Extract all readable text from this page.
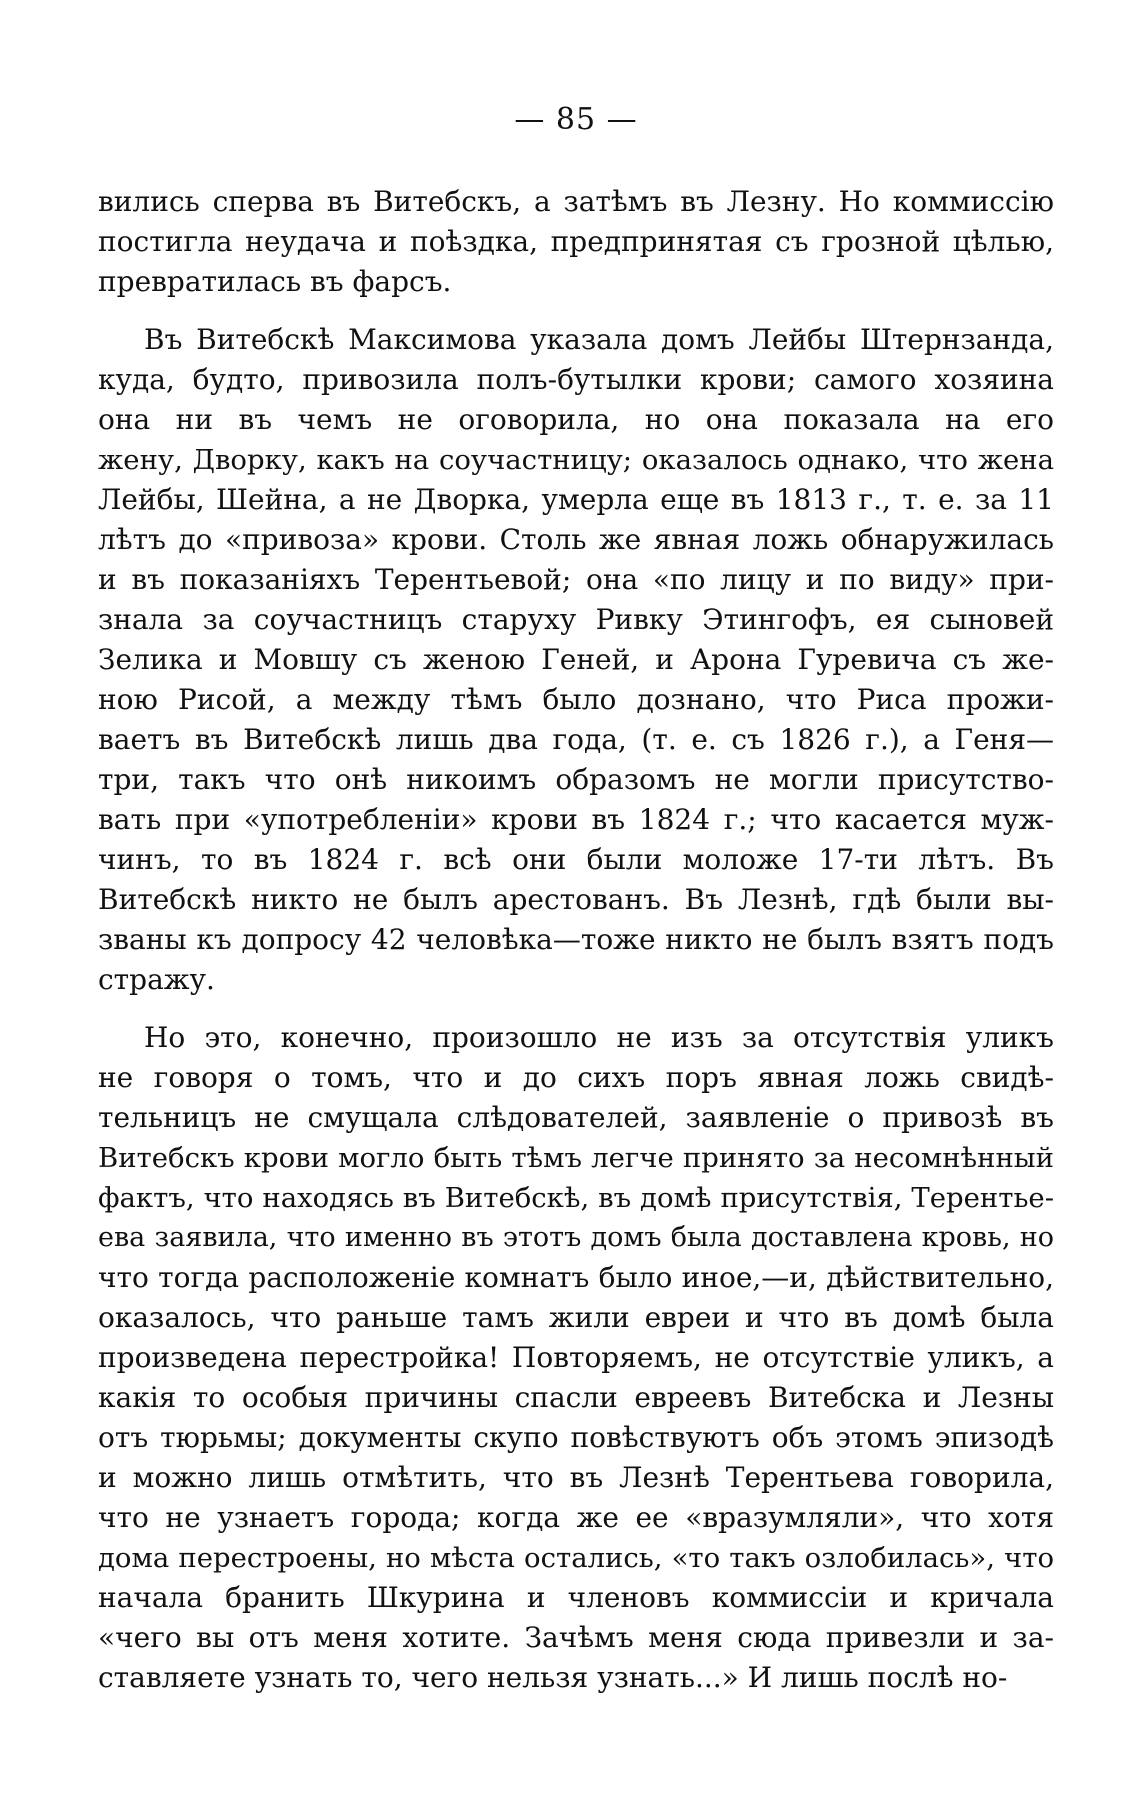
— 85 —
вились сперва въ Витебскъ, а затѣмъ въ Лезну. Но коммиссію
постигла неудача и поѣздка, предпринятая съ грозной цѣлью,
превратилась въ фарсъ.
Въ Витебскѣ Максимова указала домъ Лейбы Штернзанда,
куда, будто, привозила полъ-бутылки крови; самого хозяина
она ни въ чемъ не оговорила, но она показала на его
жену, Дворку, какъ на соучастницу; оказалось однако, что жена
Лейбы, Шейна, а не Дворка, умерла еще въ 1813 г., т. е. за 11
лѣтъ до «привоза» крови. Столь же явная ложь обнаружилась
и въ показаніяхъ Терентьевой; она «по лицу и по виду» при-
знала за соучастницъ старуху Ривку Этингофъ, ея сыновей
Зелика и Мовшу съ женою Геней, и Арона Гуревича съ же-
ною Рисой, а между тѣмъ было дознано, что Риса прожи-
ваетъ въ Витебскѣ лишь два года, (т. е. съ 1826 г.), а Геня—
три, такъ что онѣ никоимъ образомъ не могли присутство-
вать при «употребленіи» крови въ 1824 г.; что касается муж-
чинъ, то въ 1824 г. всѣ они были моложе 17-ти лѣтъ. Въ
Витебскѣ никто не былъ арестованъ. Въ Лезнѣ, гдѣ были вы-
званы къ допросу 42 человѣка—тоже никто не былъ взятъ подъ
стражу.
Но это, конечно, произошло не изъ за отсутствія уликъ
не говоря о томъ, что и до сихъ поръ явная ложь свидѣ-
тельницъ не смущала слѣдователей, заявленіе о привозѣ въ
Витебскъ крови могло быть тѣмъ легче принято за несомнѣнный
фактъ, что находясь въ Витебскѣ, въ домѣ присутствія, Терентье-
ева заявила, что именно въ этотъ домъ была доставлена кровь, но
что тогда расположеніе комнатъ было иное,—и, дѣйствительно,
оказалось, что раньше тамъ жили евреи и что въ домѣ была
произведена перестройка! Повторяемъ, не отсутствіе уликъ, а
какія то особыя причины спасли евреевъ Витебска и Лезны
отъ тюрьмы; документы скупо повѣствуютъ объ этомъ эпизодѣ
и можно лишь отмѣтить, что въ Лезнѣ Терентьева говорила,
что не узнаетъ города; когда же ее «вразумляли», что хотя
дома перестроены, но мѣста остались, «то такъ озлобилась», что
начала бранить Шкурина и членовъ коммиссіи и кричала
«чего вы отъ меня хотите. Зачѣмъ меня сюда привезли и за-
ставляете узнать то, чего нельзя узнать...» И лишь послѣ но-
